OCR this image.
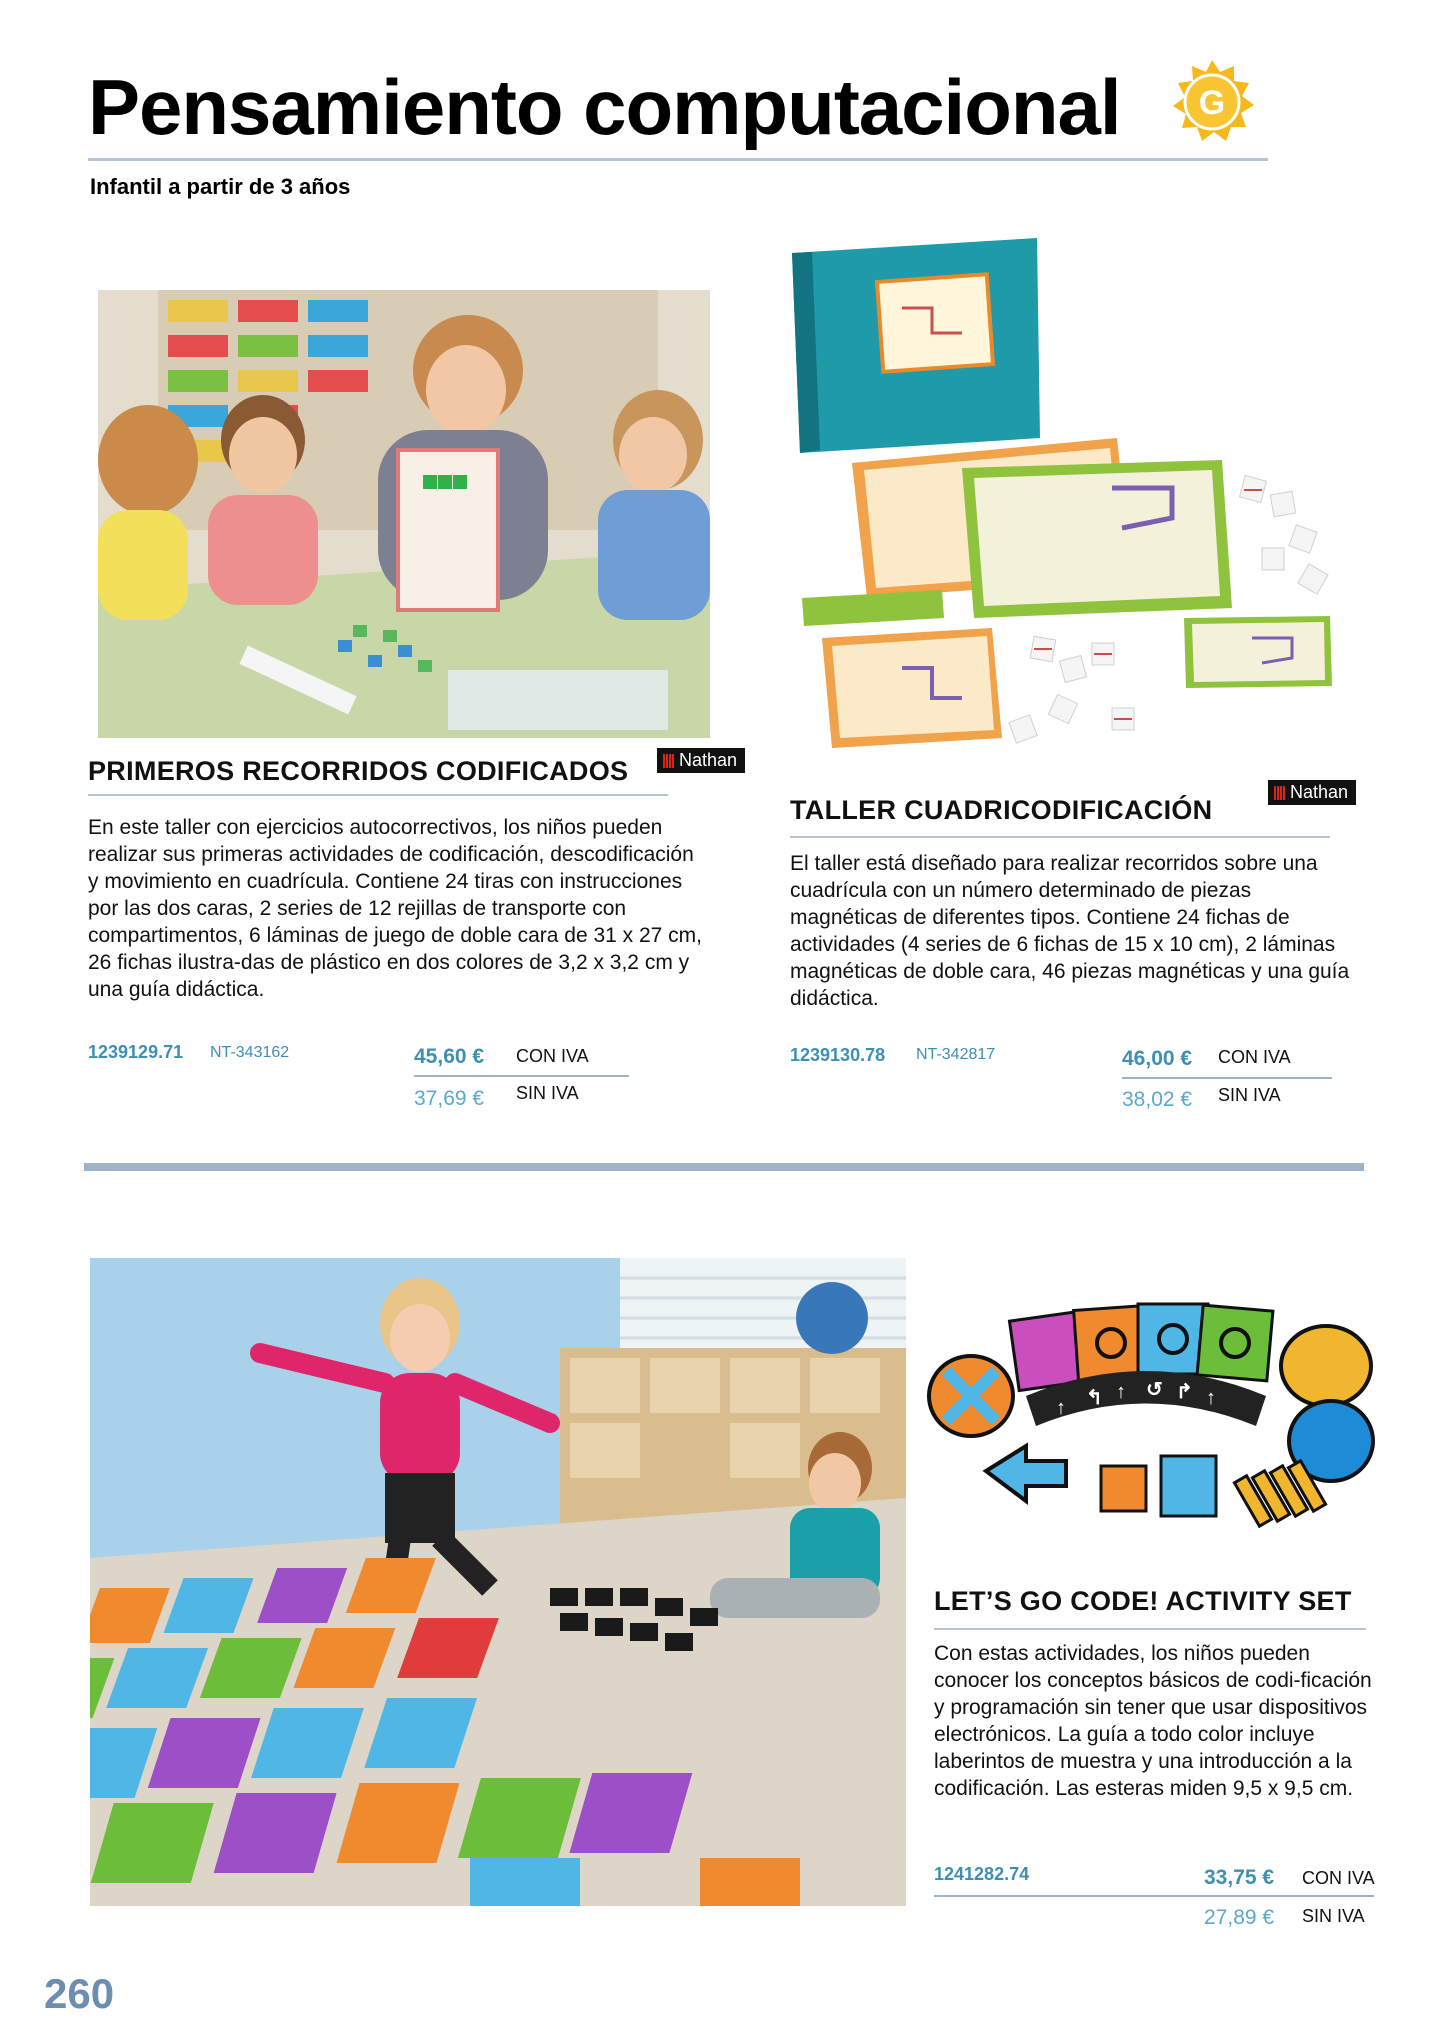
Pensamiento computacional G
Infantil a partir de 3 años
PRIMEROS RECORRIDOS CODIFICADOS	Nathan
En este taller con ejercicios autocorrectivos, los niños pueden realizar sus primeras actividades de codificación, descodificación y movimiento en cuadrícula. Contiene 24 tiras con instrucciones por las dos caras, 2 series de 12 rejillas de transporte con compartimentos, 6 láminas de juego de doble cara de 31 x 27 cm, 26 fichas ilustra-das de plástico en dos colores de 3,2 x 3,2 cm y una guía didáctica.
1239129.71 NT-343162	45,60 € CON IVA
37,69 € SIN IVA
TALLER CUADRICODIFICACIÓN
Nathan
El taller está diseñado para realizar recorridos sobre una cuadrícula con un número determinado de piezas magnéticas de diferentes tipos. Contiene 24 fichas de actividades (4 series de 6 fichas de 15 x 10 cm), 2 láminas magnéticas de doble cara, 46 piezas magnéticas y una guía didáctica.
1239130.78 NT-342817	46,00 € CON IVA
38,02 € SIN IVA
↑ ↰ ↑ ↺ ↱ ↑
LET’S GO CODE! ACTIVITY SET
Con estas actividades, los niños pueden conocer los conceptos básicos de codi-ficación y programación sin tener que usar dispositivos electrónicos. La guía a todo color incluye laberintos de muestra y una introducción a la codificación. Las esteras miden 9,5 x 9,5 cm.
1241282.74	33,75 € CON IVA
27,89 € SIN IVA
260
